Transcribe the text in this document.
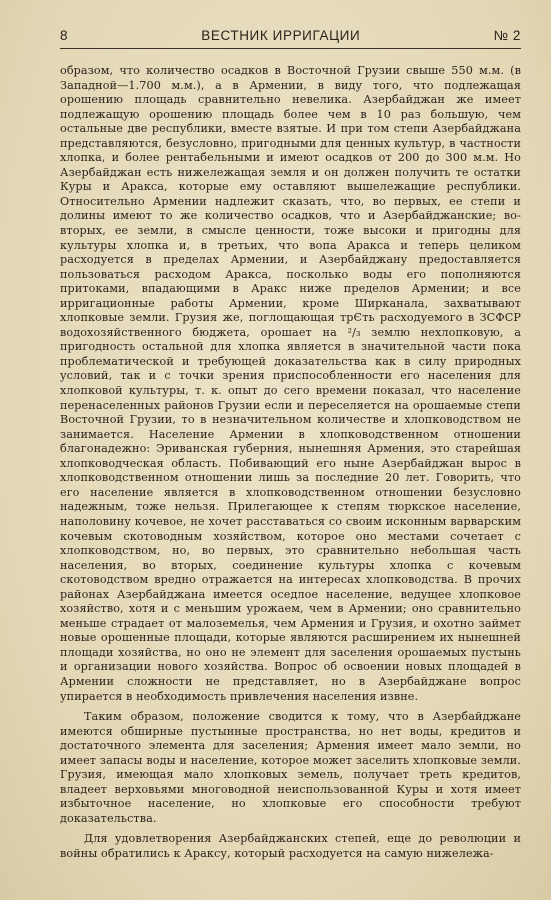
8	ВЕСТНИК ИРРИГАЦИИ	№ 2

образом, что количество осадков в Восточной Грузии свыше 550 м.м. (в Западной—1.700 м.м.), а в Армении, в виду того, что подлежащая орошению площадь сравнительно невелика. Азербайджан же имеет подлежащую орошению площадь более чем в 10 раз большую, чем остальные две республики, вместе взятые. И при том степи Азербайджана представляются, безусловно, пригодными для ценных культур, в частности хлопка, и более рентабельными и имеют осадков от 200 до 300 м.м. Но Азербайджан есть нижележащая земля и он должен получить те остатки Куры и Аракса, которые ему оставляют вышележащие республики. Относительно Армении надлежит сказать, что, во первых, ее степи и долины имеют то же количество осадков, что и Азербайджанские; во-вторых, ее земли, в смысле ценности, тоже высоки и пригодны для культуры хлопка и, в третьих, что вопа Аракса и теперь целиком расходуется в пределах Армении, и Азербайджану предоставляется пользоваться расходом Аракса, посколько воды его пополняются притоками, впадающими в Аракс ниже пределов Армении; и все ирригационные работы Армении, кроме Ширканала, захватывают хлопковые земли. Грузия же, поглощающая трЄть расходуемого в ЗСФСР водохозяйственного бюджета, орошает на ²/₃ землю нехлопковую, а пригодность остальной для хлопка является в значительной части пока проблематической и требующей доказательства как в силу природных условий, так и с точки зрения приспособленности его населения для хлопковой культуры, т. к. опыт до сего времени показал, что население перенаселенных районов Грузии если и переселяется на орошаемые степи Восточной Грузии, то в незначительном количестве и хлопководством не занимается. Население Армении в хлопководственном отношении благонадежно: Эриванская губерния, нынешняя Армения, это старейшая хлопководческая область. Побивающий его ныне Азербайджан вырос в хлопководственном отношении лишь за последние 20 лет. Говорить, что его население является в хлопководственном отношении безусловно надежным, тоже нельзя. Прилегающее к степям тюркское население, наполовину кочевое, не хочет расставаться со своим исконным варварским кочевым скотоводным хозяйством, которое оно местами сочетает с хлопководством, но, во первых, это сравнительно небольшая часть населения, во вторых, соединение культуры хлопка с кочевым скотоводством вредно отражается на интересах хлопководства. В прочих районах Азербайджана имеется оседлое население, ведущее хлопковое хозяйство, хотя и с меньшим урожаем, чем в Армении; оно сравнительно меньше страдает от малоземелья, чем Армения и Грузия, и охотно займет новые орошенные площади, которые являются расширением их нынешней площади хозяйства, но оно не элемент для заселения орошаемых пустынь и организации нового хозяйства. Вопрос об освоении новых площадей в Армении сложности не представляет, но в Азербайджане вопрос упирается в необходимость привлечения населения извне.

Таким образом, положение сводится к тому, что в Азербайджане имеются обширные пустынные пространства, но нет воды, кредитов и достаточного элемента для заселения; Армения имеет мало земли, но имеет запасы воды и население, которое может заселить хлопковые земли. Грузия, имеющая мало хлопковых земель, получает треть кредитов, владеет верховьями многоводной неиспользованной Куры и хотя имеет избыточное население, но хлопковые его способности требуют доказательства.

Для удовлетворения Азербайджанских степей, еще до революции и войны обратились к Араксу, который расходуется на самую нижележа-
